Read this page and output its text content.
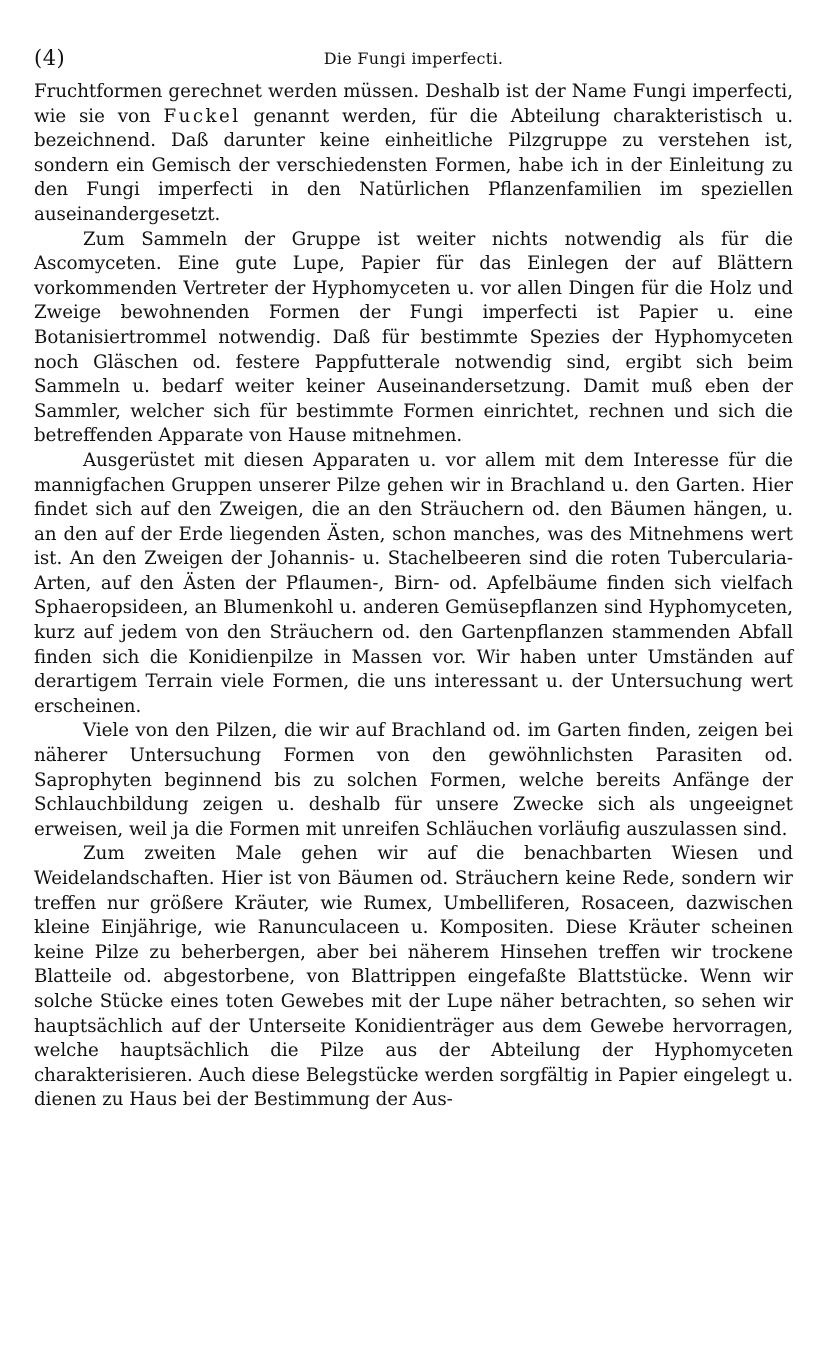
(4)	Die Fungi imperfecti.

Fruchtformen gerechnet werden müssen. Deshalb ist der Name Fungi imperfecti, wie sie von Fuckel genannt werden, für die Abteilung charakteristisch u. bezeichnend. Daß darunter keine einheitliche Pilzgruppe zu verstehen ist, sondern ein Gemisch der verschiedensten Formen, habe ich in der Einleitung zu den Fungi imperfecti in den Natürlichen Pflanzenfamilien im speziellen auseinandergesetzt.

Zum Sammeln der Gruppe ist weiter nichts notwendig als für die Ascomyceten. Eine gute Lupe, Papier für das Einlegen der auf Blättern vorkommenden Vertreter der Hyphomyceten u. vor allen Dingen für die Holz und Zweige bewohnenden Formen der Fungi imperfecti ist Papier u. eine Botanisiertrommel notwendig. Daß für bestimmte Spezies der Hyphomyceten noch Gläschen od. festere Pappfutterale notwendig sind, ergibt sich beim Sammeln u. bedarf weiter keiner Auseinandersetzung. Damit muß eben der Sammler, welcher sich für bestimmte Formen einrichtet, rechnen und sich die betreffenden Apparate von Hause mitnehmen.

Ausgerüstet mit diesen Apparaten u. vor allem mit dem Interesse für die mannigfachen Gruppen unserer Pilze gehen wir in Brachland u. den Garten. Hier findet sich auf den Zweigen, die an den Sträuchern od. den Bäumen hängen, u. an den auf der Erde liegenden Ästen, schon manches, was des Mitnehmens wert ist. An den Zweigen der Johannis- u. Stachelbeeren sind die roten Tubercularia-Arten, auf den Ästen der Pflaumen-, Birn- od. Apfelbäume finden sich vielfach Sphaeropsideen, an Blumenkohl u. anderen Gemüsepflanzen sind Hyphomyceten, kurz auf jedem von den Sträuchern od. den Gartenpflanzen stammenden Abfall finden sich die Konidienpilze in Massen vor. Wir haben unter Umständen auf derartigem Terrain viele Formen, die uns interessant u. der Untersuchung wert erscheinen.

Viele von den Pilzen, die wir auf Brachland od. im Garten finden, zeigen bei näherer Untersuchung Formen von den gewöhnlichsten Parasiten od. Saprophyten beginnend bis zu solchen Formen, welche bereits Anfänge der Schlauchbildung zeigen u. deshalb für unsere Zwecke sich als ungeeignet erweisen, weil ja die Formen mit unreifen Schläuchen vorläufig auszulassen sind.

Zum zweiten Male gehen wir auf die benachbarten Wiesen und Weidelandschaften. Hier ist von Bäumen od. Sträuchern keine Rede, sondern wir treffen nur größere Kräuter, wie Rumex, Umbelliferen, Rosaceen, dazwischen kleine Einjährige, wie Ranunculaceen u. Kompositen. Diese Kräuter scheinen keine Pilze zu beherbergen, aber bei näherem Hinsehen treffen wir trockene Blatteile od. abgestorbene, von Blattrippen eingefaßte Blattstücke. Wenn wir solche Stücke eines toten Gewebes mit der Lupe näher betrachten, so sehen wir hauptsächlich auf der Unterseite Konidienträger aus dem Gewebe hervorragen, welche hauptsächlich die Pilze aus der Abteilung der Hyphomyceten charakterisieren. Auch diese Belegstücke werden sorgfältig in Papier eingelegt u. dienen zu Haus bei der Bestimmung der Aus-
